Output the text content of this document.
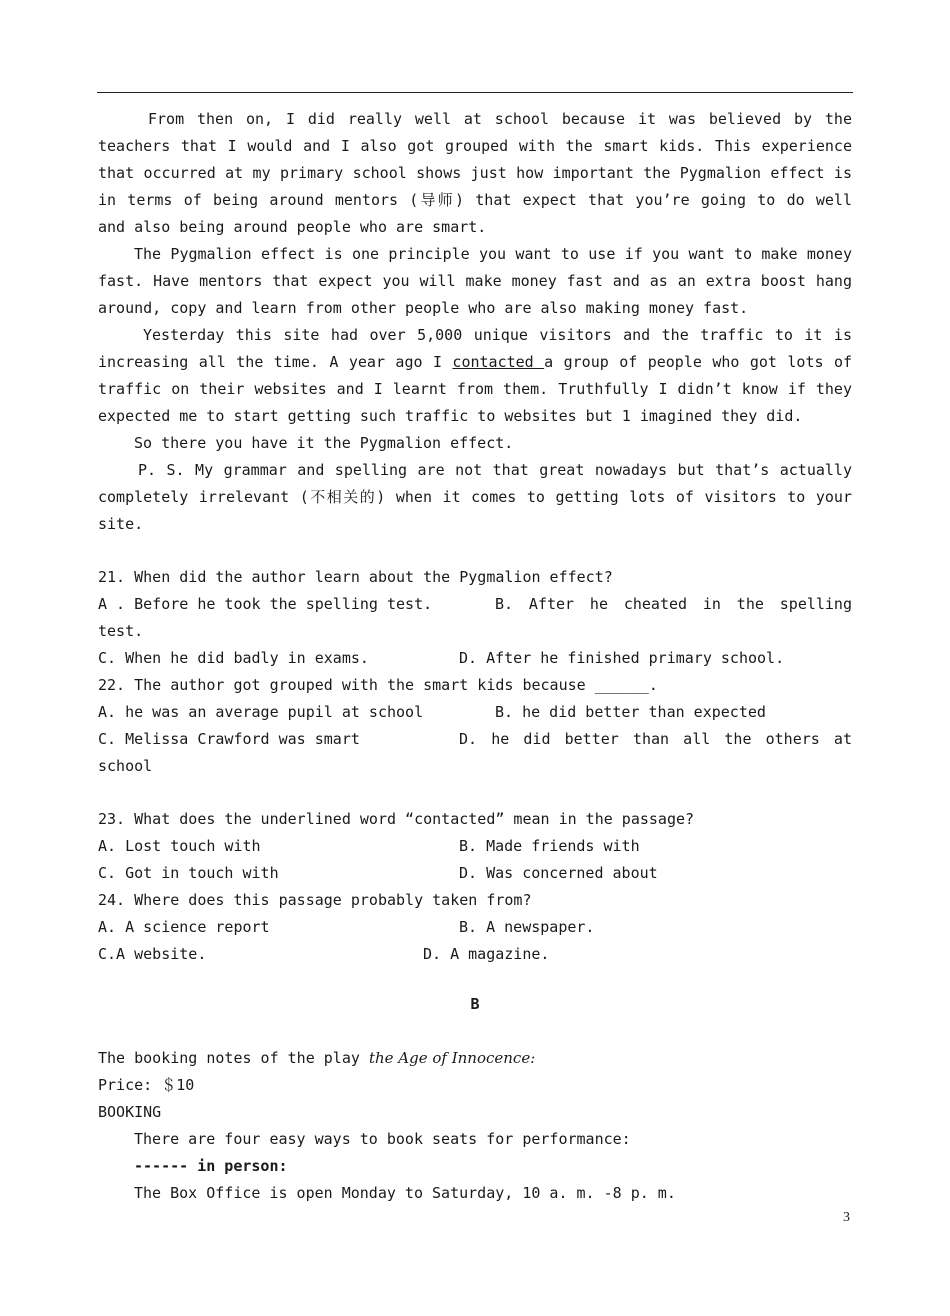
From then on, I did really well at school because it was believed by the
teachers that I would and I also got grouped with the smart kids. This experience
that occurred at my primary school shows just how important the Pygmalion effect is
in terms of being around mentors (导师) that expect that you’re going to do well
and also being around people who are smart.
The Pygmalion effect is one principle you want to use if you want to make money
fast. Have mentors that expect you will make money fast and as an extra boost hang
around, copy and learn from other people who are also making money fast.
Yesterday this site had over 5,000 unique visitors and the traffic to it is
increasing all the time. A year ago I contacted a group of people who got lots of
traffic on their websites and I learnt from them. Truthfully I didn’t know if they
expected me to start getting such traffic to websites but 1 imagined they did.
So there you have it the Pygmalion effect.
P. S. My grammar and spelling are not that great nowadays but that’s actually
completely irrelevant (不相关的) when it comes to getting lots of visitors to your
site.
21. When did the author learn about the Pygmalion effect?
A . Before he took the spelling test.	B. After he cheated in the spelling
test.
C. When he did badly in exams.	D. After he finished primary school.
22. The author got grouped with the smart kids because ______.
A. he was an average pupil at school	B. he did better than expected
C. Melissa Crawford was smart	D. he did better than all the others at
school
23. What does the underlined word “contacted” mean in the passage?
A. Lost touch with	B. Made friends with
C. Got in touch with	D. Was concerned about
24. Where does this passage probably taken from?
A. A science report	B. A newspaper.
C.A website.	D. A magazine.
B
The booking notes of the play the Age of Innocence:
Price: ＄10
BOOKING
There are four easy ways to book seats for performance:
------ in person:
The Box Office is open Monday to Saturday, 10 a. m. -8 p. m.
3
